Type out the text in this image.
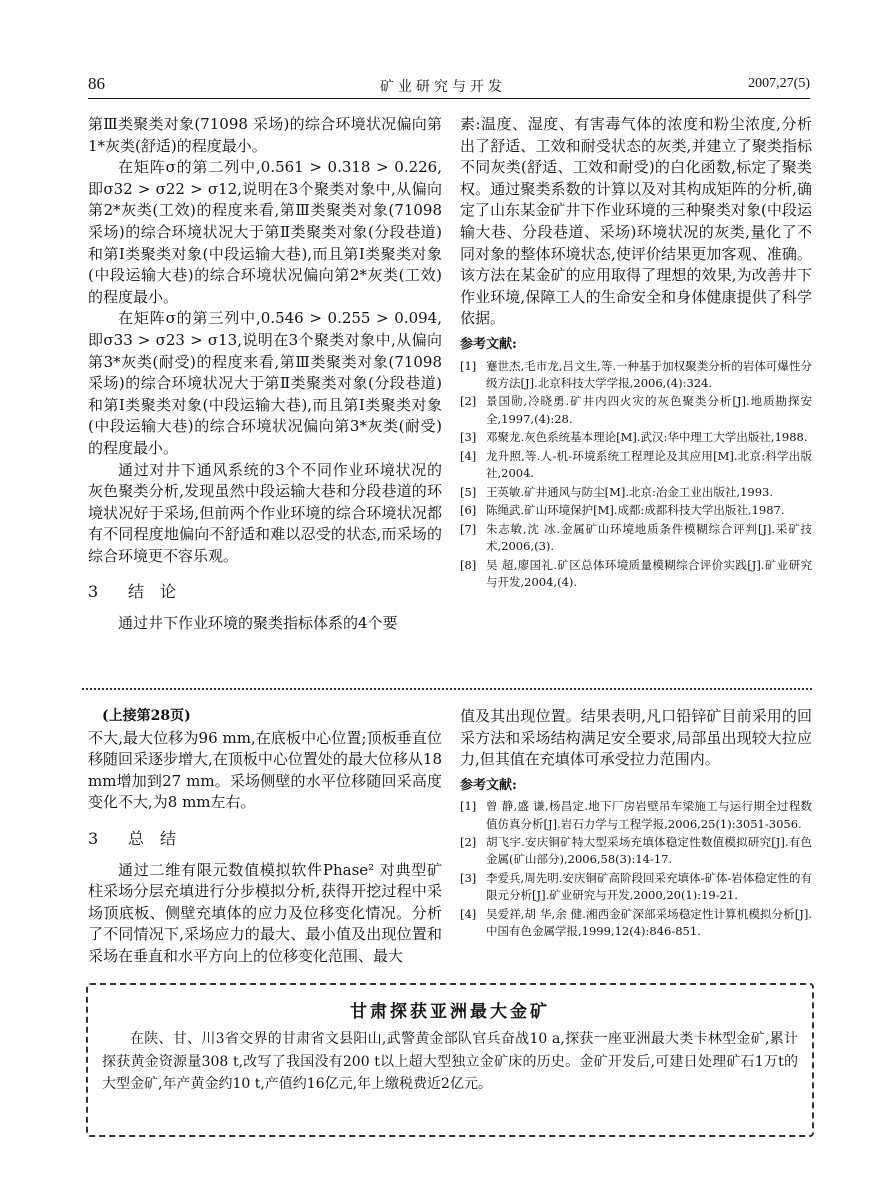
86	矿业研究与开发	2007,27(5)

第Ⅲ类聚类对象(71098 采场)的综合环境状况偏向第1*灰类(舒适)的程度最小。

在矩阵σ的第二列中,0.561 > 0.318 > 0.226,即σ32 > σ22 > σ12,说明在3个聚类对象中,从偏向第2*灰类(工效)的程度来看,第Ⅲ类聚类对象(71098 采场)的综合环境状况大于第Ⅱ类聚类对象(分段巷道)和第Ⅰ类聚类对象(中段运输大巷),而且第Ⅰ类聚类对象(中段运输大巷)的综合环境状况偏向第2*灰类(工效)的程度最小。

在矩阵σ的第三列中,0.546 > 0.255 > 0.094,即σ33 > σ23 > σ13,说明在3个聚类对象中,从偏向第3*灰类(耐受)的程度来看,第Ⅲ类聚类对象(71098 采场)的综合环境状况大于第Ⅱ类聚类对象(分段巷道)和第Ⅰ类聚类对象(中段运输大巷),而且第Ⅰ类聚类对象(中段运输大巷)的综合环境状况偏向第3*灰类(耐受)的程度最小。

通过对井下通风系统的3个不同作业环境状况的灰色聚类分析,发现虽然中段运输大巷和分段巷道的环境状况好于采场,但前两个作业环境的综合环境状况都有不同程度地偏向不舒适和难以忍受的状态,而采场的综合环境更不容乐观。

3 结 论

通过井下作业环境的聚类指标体系的4个要

素:温度、湿度、有害毒气体的浓度和粉尘浓度,分析出了舒适、工效和耐受状态的灰类,并建立了聚类指标不同灰类(舒适、工效和耐受)的白化函数,标定了聚类权。通过聚类系数的计算以及对其构成矩阵的分析,确定了山东某金矿井下作业环境的三种聚类对象(中段运输大巷、分段巷道、采场)环境状况的灰类,量化了不同对象的整体环境状态,使评价结果更加客观、准确。该方法在某金矿的应用取得了理想的效果,为改善井下作业环境,保障工人的生命安全和身体健康提供了科学依据。

参考文献:
[1] 蹇世杰,毛市龙,吕文生,等.一种基于加权聚类分析的岩体可爆性分级方法[J].北京科技大学学报,2006,(4):324.
[2] 景国勋,冷晓勇.矿井内四火灾的灰色聚类分析[J].地质勘探安全,1997,(4):28.
[3] 邓聚龙.灰色系统基本理论[M].武汉:华中理工大学出版社,1988.
[4] 龙升照,等.人-机-环境系统工程理论及其应用[M].北京:科学出版社,2004.
[5] 王英敏.矿井通风与防尘[M].北京:冶金工业出版社,1993.
[6] 陈绳武.矿山环境保护[M].成都:成都科技大学出版社,1987.
[7] 朱志敏,沈 冰.金属矿山环境地质条件模糊综合评判[J].采矿技术,2006,(3).
[8] 吴 超,廖国礼.矿区总体环境质量模糊综合评价实践[J].矿业研究与开发,2004,(4).

(上接第28页)

不大,最大位移为96 mm,在底板中心位置;顶板垂直位移随回采逐步增大,在顶板中心位置处的最大位移从18 mm增加到27 mm。采场侧壁的水平位移随回采高度变化不大,为8 mm左右。

3 总 结

通过二维有限元数值模拟软件Phase² 对典型矿柱采场分层充填进行分步模拟分析,获得开挖过程中采场顶底板、侧壁充填体的应力及位移变化情况。分析了不同情况下,采场应力的最大、最小值及出现位置和采场在垂直和水平方向上的位移变化范围、最大

值及其出现位置。结果表明,凡口铅锌矿目前采用的回采方法和采场结构满足安全要求,局部虽出现较大拉应力,但其值在充填体可承受拉力范围内。

参考文献:
[1] 曾 静,盛 谦,杨昌定.地下厂房岩壁吊车梁施工与运行期全过程数值仿真分析[J].岩石力学与工程学报,2006,25(1):3051-3056.
[2] 胡飞宇.安庆铜矿特大型采场充填体稳定性数值模拟研究[J].有色金属(矿山部分),2006,58(3):14-17.
[3] 李爱兵,周先明.安庆铜矿高阶段回采充填体-矿体-岩体稳定性的有限元分析[J].矿业研究与开发,2000,20(1):19-21.
[4] 吴爱祥,胡 华,余 健.湘西金矿深部采场稳定性计算机模拟分析[J].中国有色金属学报,1999,12(4):846-851.
甘肃探获亚洲最大金矿
在陕、甘、川3省交界的甘肃省文县阳山,武警黄金部队官兵奋战10 a,探获一座亚洲最大类卡林型金矿,累计探获黄金资源量308 t,改写了我国没有200 t以上超大型独立金矿床的历史。金矿开发后,可建日处理矿石1万t的大型金矿,年产黄金约10 t,产值约16亿元,年上缴税费近2亿元。
